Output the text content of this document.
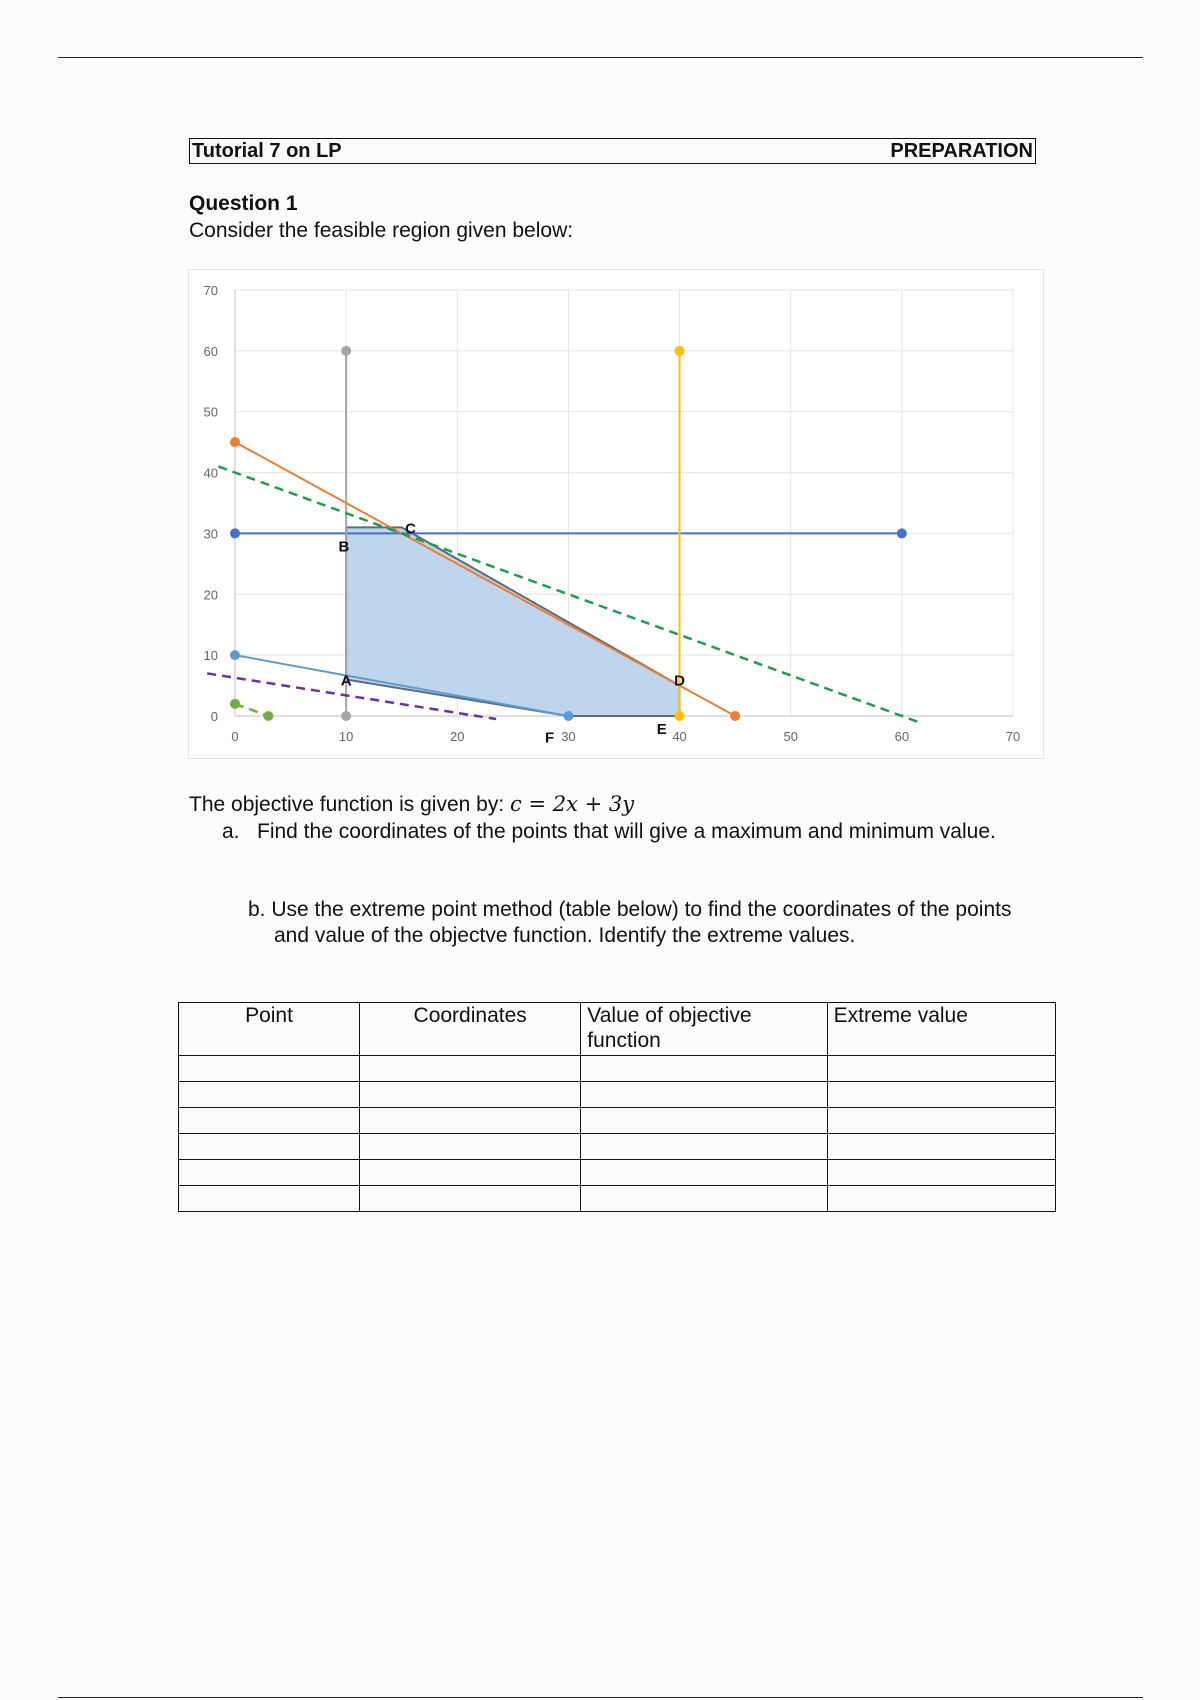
Tutorial 7 on LP	PREPARATION
Question 1
Consider the feasible region given below:
0	10	20	30	40	50	60	70
0
10
20
30
40
50
60
70
A
B
C
D
E
F
The objective function is given by: c = 2x + 3y
a. Find the coordinates of the points that will give a maximum and minimum value.
b. Use the extreme point method (table below) to find the coordinates of the points and value of the objectve function. Identify the extreme values.
Point	Coordinates	Value of objective function	Extreme value
